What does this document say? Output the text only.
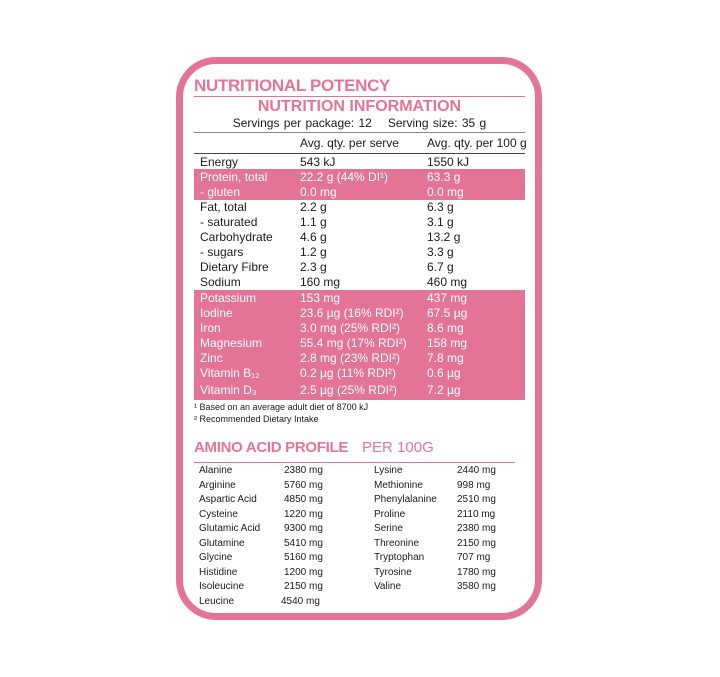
NUTRITIONAL POTENCY
NUTRITION INFORMATION
Servings per package: 12 Serving size: 35 g
Avg. qty. per serve Avg. qty. per 100 g
Energy	543 kJ	1550 kJ
Protein, total	22.2 g (44% DI¹)	63.3 g
- gluten	0.0 mg	0.0 mg
Fat, total	2.2 g	6.3 g
- saturated	1.1 g	3.1 g
Carbohydrate 4.6 g	13.2 g
- sugars	1.2 g	3.3 g
Dietary Fibre	2.3 g	6.7 g
Sodium	160 mg	460 mg
Potassium	153 mg	437 mg
Iodine	23.6 µg (16% RDI²) 67.5 µg
Iron	3.0 mg (25% RDI²) 8.6 mg
Magnesium	55.4 mg (17% RDI²) 158 mg
Zinc	2.8 mg (23% RDI²) 7.8 mg
Vitamin B₁₂	0.2 µg (11% RDI²)	0.6 µg
Vitamin D₃	2.5 µg (25% RDI²)	7.2 µg
¹ Based on an average adult diet of 8700 kJ
² Recommended Dietary Intake
AMINO ACID PROFILE PER 100G
Alanine	2380 mg
Arginine	5760 mg
Aspartic Acid	4850 mg
Cysteine	1220 mg
Glutamic Acid 9300 mg
Glutamine	5410 mg
Glycine	5160 mg
Histidine	1200 mg
Isoleucine	2150 mg
Leucine	4540 mg
Lysine	2440 mg
Methionine	998 mg
Phenylalanine 2510 mg
Proline	2110 mg
Serine	2380 mg
Threonine	2150 mg
Tryptophan	707 mg
Tyrosine	1780 mg
Valine	3580 mg
